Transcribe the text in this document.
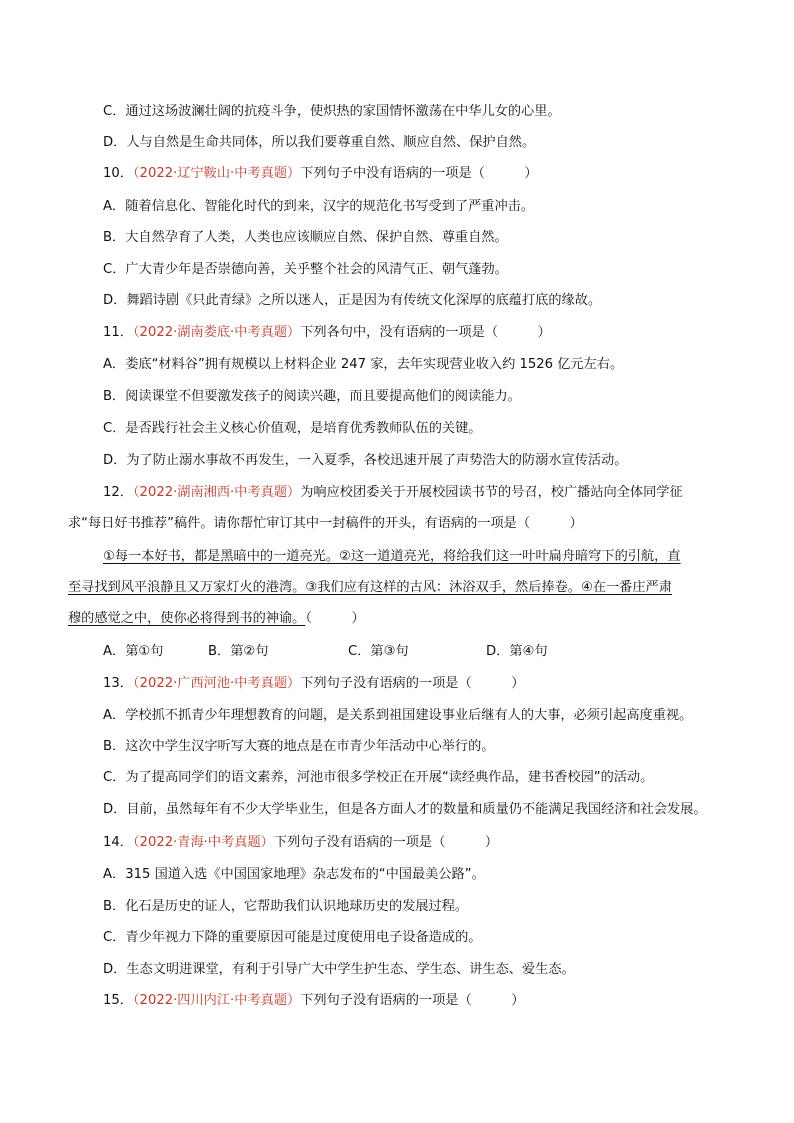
C．通过这场波澜壮阔的抗疫斗争，使炽热的家国情怀激荡在中华儿女的心里。
D．人与自然是生命共同体，所以我们要尊重自然、顺应自然、保护自然。
10．（2022·辽宁鞍山·中考真题）下列句子中没有语病的一项是（　　　）
A．随着信息化、智能化时代的到来，汉字的规范化书写受到了严重冲击。
B．大自然孕育了人类，人类也应该顺应自然、保护自然、尊重自然。
C．广大青少年是否崇德向善，关乎整个社会的风清气正、朝气蓬勃。
D．舞蹈诗剧《只此青绿》之所以迷人，正是因为有传统文化深厚的底蕴打底的缘故。
11．（2022·湖南娄底·中考真题）下列各句中，没有语病的一项是（　　　）
A．娄底“材料谷”拥有规模以上材料企业 247 家，去年实现营业收入约 1526 亿元左右。
B．阅读课堂不但要激发孩子的阅读兴趣，而且要提高他们的阅读能力。
C．是否践行社会主义核心价值观，是培育优秀教师队伍的关键。
D．为了防止溺水事故不再发生，一入夏季，各校迅速开展了声势浩大的防溺水宣传活动。
12．（2022·湖南湘西·中考真题）为响应校团委关于开展校园读书节的号召，校广播站向全体同学征
求“每日好书推荐”稿件。请你帮忙审订其中一封稿件的开头，有语病的一项是（　　　）
①每一本好书，都是黑暗中的一道亮光。②这一道道亮光，将给我们这一叶叶扁舟暗穹下的引航，直
至寻找到风平浪静且又万家灯火的港湾。③我们应有这样的古风：沐浴双手，然后捧卷。④在一番庄严肃
穆的感觉之中，使你必将得到书的神谕。（　　　）
A．第①句	B．第②句	C．第③句	D．第④句
13．（2022·广西河池·中考真题）下列句子没有语病的一项是（　　　）
A．学校抓不抓青少年理想教育的问题，是关系到祖国建设事业后继有人的大事，必须引起高度重视。
B．这次中学生汉字听写大赛的地点是在市青少年活动中心举行的。
C．为了提高同学们的语文素养，河池市很多学校正在开展“读经典作品，建书香校园”的活动。
D．目前，虽然每年有不少大学毕业生，但是各方面人才的数量和质量仍不能满足我国经济和社会发展。
14．（2022·青海·中考真题）下列句子没有语病的一项是（　　　）
A．315 国道入选《中国国家地理》杂志发布的“中国最美公路”。
B．化石是历史的证人，它帮助我们认识地球历史的发展过程。
C．青少年视力下降的重要原因可能是过度使用电子设备造成的。
D．生态文明进课堂，有利于引导广大中学生护生态、学生态、讲生态、爱生态。
15．（2022·四川内江·中考真题）下列句子没有语病的一项是（　　　）
